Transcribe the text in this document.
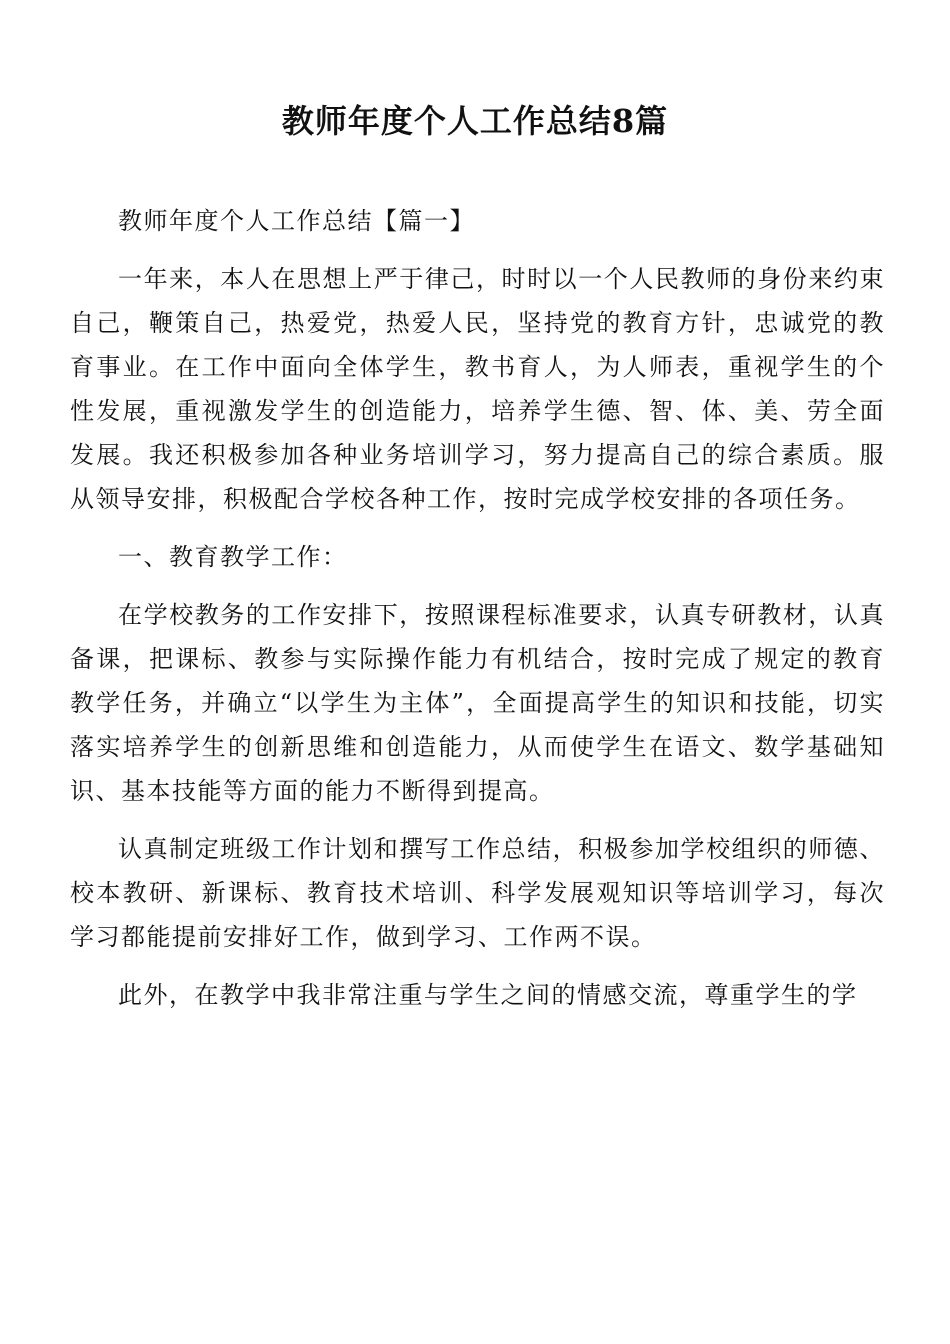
教师年度个人工作总结8篇

教师年度个人工作总结【篇一】

一年来，本人在思想上严于律己，时时以一个人民教师的身份来约束自己，鞭策自己，热爱党，热爱人民，坚持党的教育方针，忠诚党的教育事业。在工作中面向全体学生，教书育人，为人师表，重视学生的个性发展，重视激发学生的创造能力，培养学生德、智、体、美、劳全面发展。我还积极参加各种业务培训学习，努力提高自己的综合素质。服从领导安排，积极配合学校各种工作，按时完成学校安排的各项任务。

一、教育教学工作：

在学校教务的工作安排下，按照课程标准要求，认真专研教材，认真备课，把课标、教参与实际操作能力有机结合，按时完成了规定的教育教学任务，并确立“以学生为主体”，全面提高学生的知识和技能，切实落实培养学生的创新思维和创造能力，从而使学生在语文、数学基础知识、基本技能等方面的能力不断得到提高。

认真制定班级工作计划和撰写工作总结，积极参加学校组织的师德、校本教研、新课标、教育技术培训、科学发展观知识等培训学习，每次学习都能提前安排好工作，做到学习、工作两不误。

此外，在教学中我非常注重与学生之间的情感交流，尊重学生的学
